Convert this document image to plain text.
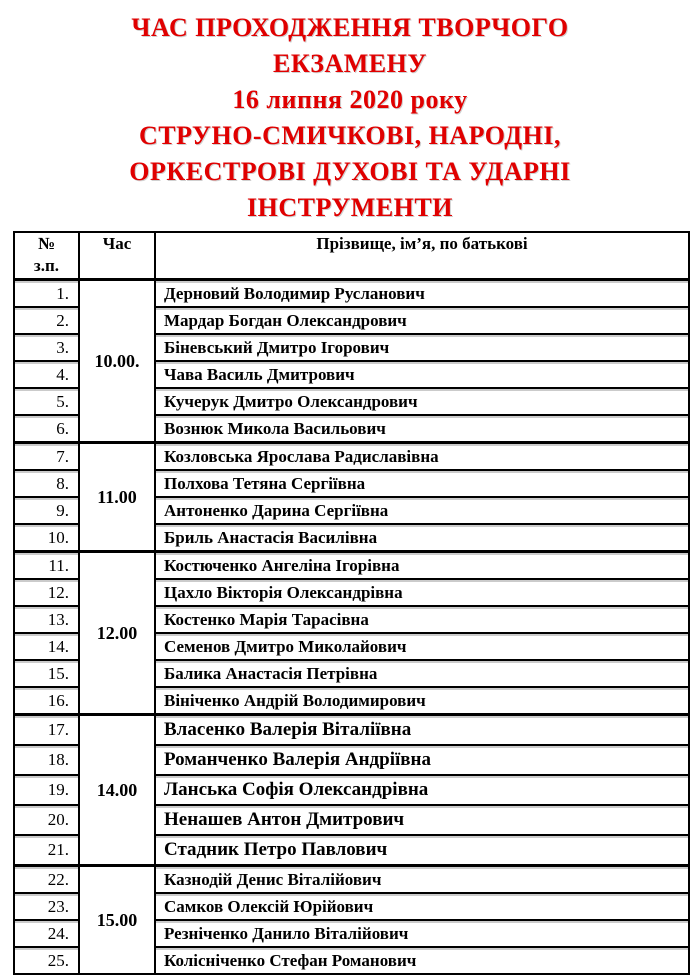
ЧАС ПРОХОДЖЕННЯ ТВОРЧОГО
ЕКЗАМЕНУ
16 липня 2020 року
СТРУНО-СМИЧКОВІ, НАРОДНІ,
ОРКЕСТРОВІ ДУХОВІ ТА УДАРНІ
ІНСТРУМЕНТИ
№
з.п.	Час	Прізвище, ім’я, по батькові
1.	10.00.	Дерновий Володимир Русланович
2.		Мардар Богдан Олександрович
3.		Біневський Дмитро Ігорович
4.		Чава Василь Дмитрович
5.		Кучерук Дмитро Олександрович
6.		Вознюк Микола Васильович
7.	11.00	Козловська Ярослава Радиславівна
8.		Полхова Тетяна Сергіївна
9.		Антоненко Дарина Сергіївна
10.		Бриль Анастасія Василівна
11.	12.00	Костюченко Ангеліна Ігорівна
12.		Цахло Вікторія Олександрівна
13.		Костенко Марія Тарасівна
14.		Семенов Дмитро Миколайович
15.		Балика Анастасія Петрівна
16.		Вініченко Андрій Володимирович
17.	14.00	Власенко Валерія Віталіївна
18.		Романченко Валерія Андріївна
19.		Ланська Софія Олександрівна
20.		Ненашев Антон Дмитрович
21.		Стадник Петро Павлович
22.	15.00	Казнодій Денис Віталійович
23.		Самков Олексій Юрійович
24.		Резніченко Данило Віталійович
25.		Колісніченко Стефан Романович
